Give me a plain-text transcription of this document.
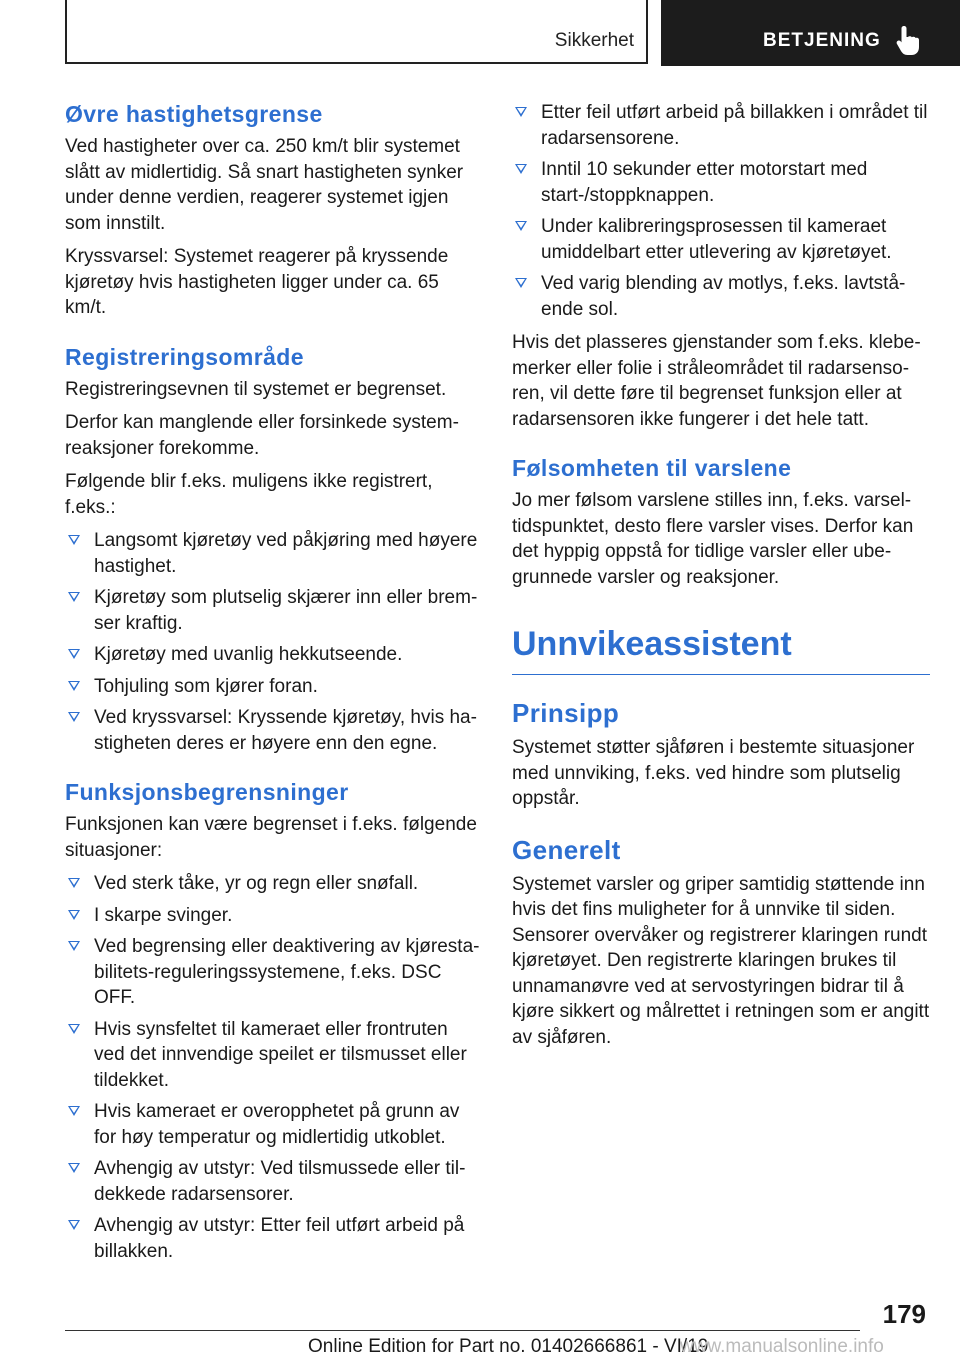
Sikkerhet	BETJENING
Øvre hastighetsgrense

Ved hastigheter over ca. 250 km/t blir systemet slått av midlertidig. Så snart hastigheten synker under denne verdien, reagerer systemet igjen som innstilt.

Kryssvarsel: Systemet reagerer på kryssende kjøretøy hvis hastigheten ligger under ca. 65 km/t.

Registreringsområde

Registreringsevnen til systemet er begrenset.

Derfor kan manglende eller forsinkede systemreaksjoner forekomme.

Følgende blir f.eks. muligens ikke registrert, f.eks.:

Langsomt kjøretøy ved påkjøring med høyere hastighet.
Kjøretøy som plutselig skjærer inn eller bremser kraftig.
Kjøretøy med uvanlig hekkutseende.
Tohjuling som kjører foran.
Ved kryssvarsel: Kryssende kjøretøy, hvis hastigheten deres er høyere enn den egne.
Funksjonsbegrensninger

Funksjonen kan være begrenset i f.eks. følgende situasjoner:

Ved sterk tåke, yr og regn eller snøfall.
I skarpe svinger.
Ved begrensing eller deaktivering av kjørestabilitets-reguleringssystemene, f.eks. DSC OFF.
Hvis synsfeltet til kameraet eller frontruten ved det innvendige speilet er tilsmusset eller tildekket.
Hvis kameraet er overopphetet på grunn av for høy temperatur og midlertidig utkoblet.
Avhengig av utstyr: Ved tilsmussede eller tildekkede radarsensorer.
Avhengig av utstyr: Etter feil utført arbeid på billakken.
Etter feil utført arbeid på billakken i området til radarsensorene.
Inntil 10 sekunder etter motorstart med start-/stoppknappen.
Under kalibreringsprosessen til kameraet umiddelbart etter utlevering av kjøretøyet.
Ved varig blending av motlys, f.eks. lavtstående sol.

Hvis det plasseres gjenstander som f.eks. klebemerker eller folie i stråleområdet til radarsensoren, vil dette føre til begrenset funksjon eller at radarsensoren ikke fungerer i det hele tatt.

Følsomheten til varslene

Jo mer følsom varslene stilles inn, f.eks. varseltidspunktet, desto flere varsler vises. Derfor kan det hyppig oppstå for tidlige varsler eller ubegrunnede varsler og reaksjoner.

Unnvikeassistent
Prinsipp

Systemet støtter sjåføren i bestemte situasjoner med unnviking, f.eks. ved hindre som plutselig oppstår.

Generelt

Systemet varsler og griper samtidig støttende inn hvis det fins muligheter for å unnvike til siden. Sensorer overvåker og registrerer klaringen rundt kjøretøyet. Den registrerte klaringen brukes til unnamanøvre ved at servostyringen bidrar til å kjøre sikkert og målrettet i retningen som er angitt av sjåføren.

179
Online Edition for Part no. 01402666861 - VI/19
www.manualsonline.info
